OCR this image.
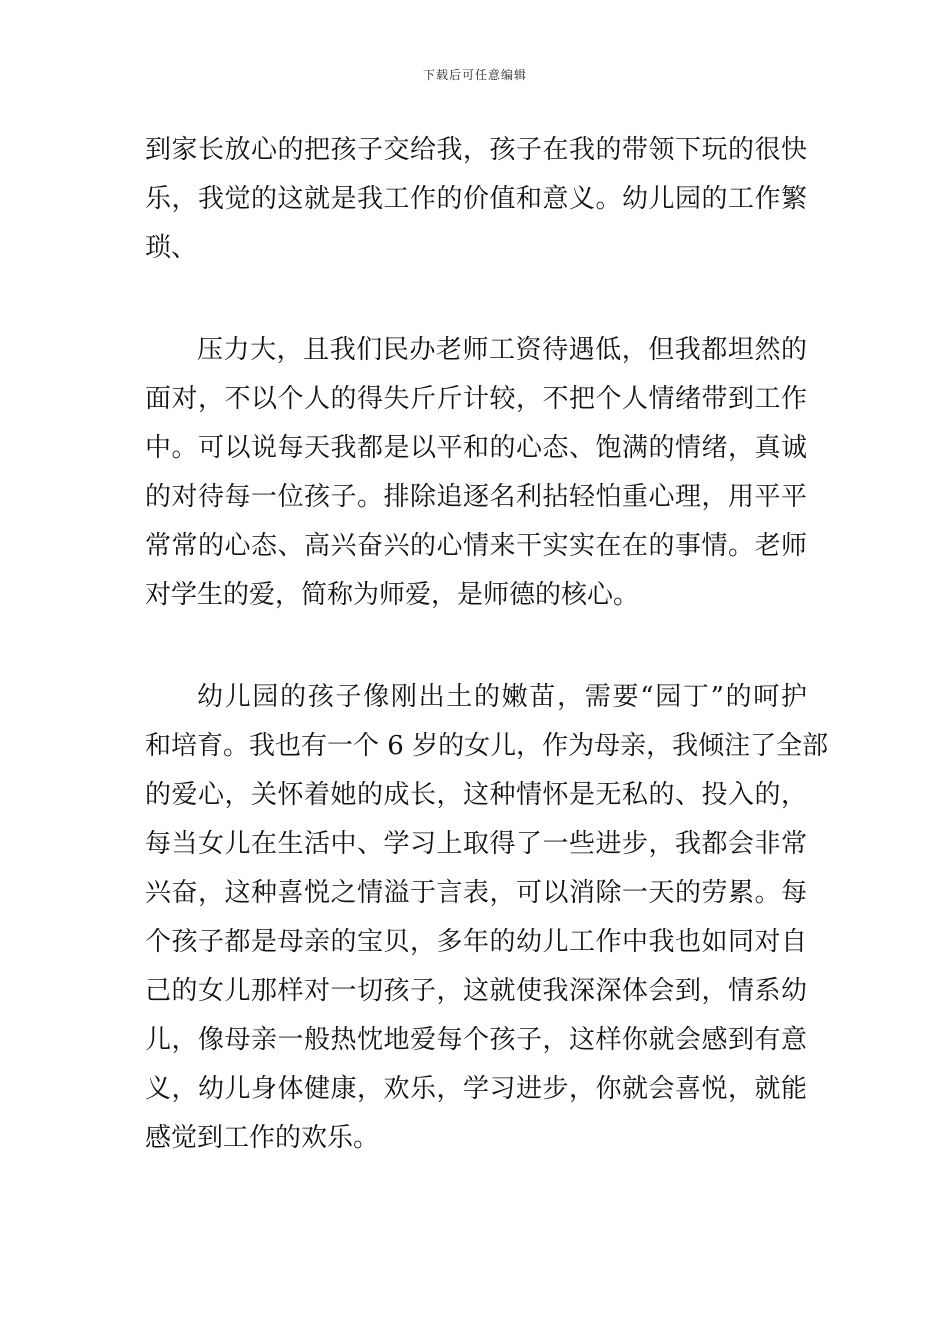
下载后可任意编辑
到家长放心的把孩子交给我，孩子在我的带领下玩的很快
乐，我觉的这就是我工作的价值和意义。幼儿园的工作繁
琐、
压力大，且我们民办老师工资待遇低，但我都坦然的
面对，不以个人的得失斤斤计较，不把个人情绪带到工作
中。可以说每天我都是以平和的心态、饱满的情绪，真诚
的对待每一位孩子。排除追逐名利拈轻怕重心理，用平平
常常的心态、高兴奋兴的心情来干实实在在的事情。老师
对学生的爱，简称为师爱，是师德的核心。
幼儿园的孩子像刚出土的嫩苗，需要“园丁”的呵护
和培育。我也有一个 6 岁的女儿，作为母亲，我倾注了全部
的爱心，关怀着她的成长，这种情怀是无私的、投入的，
每当女儿在生活中、学习上取得了一些进步，我都会非常
兴奋，这种喜悦之情溢于言表，可以消除一天的劳累。每
个孩子都是母亲的宝贝，多年的幼儿工作中我也如同对自
己的女儿那样对一切孩子，这就使我深深体会到，情系幼
儿，像母亲一般热忱地爱每个孩子，这样你就会感到有意
义，幼儿身体健康，欢乐，学习进步，你就会喜悦，就能
感觉到工作的欢乐。
